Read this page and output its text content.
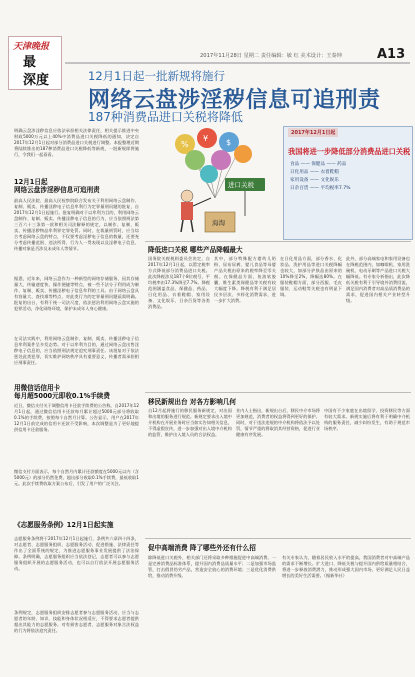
天津晚报
最
深度
2017年11月28日 星期二 责任编辑：敏 红 美术设计：王秦坤	A13
12月1日起一批新规将施行
网络云盘涉淫秽信息可追刑责
187种消费品进口关税将降低
明确云盘涉淫秽信息应依法承担相关法律责任，相关提示推进中央财政5000万元以上40%中消费品进口关税降低的通知，决定自2017年12月1日起对部分消费品进口关税进行调整。本报整理近期将陆续推出的187种消费品进口关税降低等新规，一批新规即将施行，令我们一起看看。
12月1日起
网络云盘涉淫秽信息可追刑责
最高人民法院、最高人民检察院联合发布关于利用网络云盘制作、复制、贩卖、传播淫秽电子信息牟利行为定罪量刑问题的批复，自2017年12月1日起施行。批复明确对于以牟利为目的，利用网络云盘制作、复制、贩卖、传播淫秽电子信息的行为，应当依照刑法第三百六十三条第一款和相关司法解释的规定，以制作、复制、贩卖、传播淫秽物品牟利罪定罪处罚。同时，在裁量刑罚时，应当综合考虑网络云盘的特点，不仅要考虑淫秽电子信息的数量，还要充分考虑传播范围、违法所得、行为人一贯表现以及淫秽电子信息、传播对象是否涉及未成年人等情节。
据悉，近年来，网络云盘作为一种新型的网络存储服务，因其存储量大、传输速度快、操作便捷等特点，被一些不法分子利用成为制作、复制、贩卖、传播淫秽电子信息牟利的工具。由于网络云盘具有容量大、查找难等特点，对此类行为的定罪量刑问题亟需明确。批复的出台，有利于统一司法尺度，依法惩治利用网络云盘实施的犯罪活动，净化网络环境，保护未成年人身心健康。
在司法实践中，利用网络云盘制作、复制、贩卖、传播淫秽电子信息牟利案件呈多发态势。对于以牟利为目的，通过网络云盘出售淫秽电子信息的，应当依照刑法规定追究刑事责任。该批复对于依法惩处此类犯罪，切实维护网络秩序具有重要意义，传播者需承担相应刑事责任。
用微信话信用卡
每月超5000元即收0.1%手续费
近日，微信支付关于调整信用卡还款手续费的公告称，自2017年12月1日起，通过微信信用卡还款每月累计超过5000元部分将收取0.1%的手续费，按照每个自然月计算。公告显示，用户在2017年12月1日前完成的信用卡还款不受影响，本次调整是为了更好地提供信用卡还款服务。
微信支付方面表示，每个自然月内累计还款额度在5000元以内（含5000元）的部分仍然免费，超出部分收取0.1%手续费，最低收取1元。此次手续费收取方案公布后，引发了用户的广泛关注。
《志愿服务条例》12月1日起实施
志愿服务条例将于2017年12月1日起施行，条例共六章四十四条，对志愿者、志愿服务组织、志愿服务活动、促进措施、法律责任等作出了全面系统的规定，为推进志愿服务事业发展提供了法治保障。条例明确，志愿服务组织应当依法登记，志愿者可以参与志愿服务组织开展的志愿服务活动，也可以自行依法开展志愿服务活动。
条例规定，志愿服务组织安排志愿者参与志愿服务活动，应当与志愿者的年龄、知识、技能和身体状况相适应，不得要求志愿者提供超出其能力的志愿服务。对有损害志愿者、志愿服务对象合法权益的行为将依法追究责任。
%
¥ $
进口关税
海淘
2017年12月1日起
我国将进一步降低部分消费品进口关税
食品 —— 保健品 —— 药品
日化用品 —— 衣着鞋帽
家用设备 —— 文化娱乐
日杂百货 —— 平均税率7.7%
降低进口关税 哪些产品降幅最大
国务院关税税则委员会决定，自2017年12月1日起，以暂定税率方式降低部分消费品进口关税。此次降税涉及187个8位税号，平均税率由17.3%降至7.7%。降税范围涵盖食品、保健品、药品、日化用品、衣着鞋帽、家用设备、文化娱乐、日杂百货等各类消费品。
其中，部分特殊配方婴幼儿奶粉、尿布尿裤、婴儿食品等母婴产品关税由原来的税率降至零关税。在保健品方面，鱼油软胶囊、维生素类保健品等关税有较大幅度下降。降税有利于满足居民多层次、多样化消费需求，进一步扩大消费。
在日化用品方面，部分香水、化妆品、洗护用品等进口关税降幅也较大，如部分护肤品由原来的10%降至2%，降幅达80%。在服装鞋帽方面，部分西服、毛皮服装、运动鞋等关税也有明显下调。
此外，部分高端家电和家用设备也在降税范围内，如咖啡机、家用洗碗机、电动牙刷等产品进口关税大幅降低。有专家分析指出，此次降低关税有利于引导境外消费回流，满足国内消费者对高品质消费品的需求，促进国内相关产业转型升级。
移民新规出台 对各方影响几何
自12月起将施行的移民服务新规定，对出国和出境的服务进行规范。新规定要求出入境中介机构在开展业务时应当如实告知相关信息，不得虚假宣传，进一步加强对出入境中介机构的监管，维护出入境人员的合法权益。
业内人士指出，新规出台后，移民中介市场将更加规范，消费者的权益将得到更好的保护。同时，对于违法违规的中介机构将依法予以处罚，情节严重的将取消其经营资格，促进行业健康有序发展。
中国有不少家庭在出境留学、投资移民等方面有较大需求。新规实施后将有利于明确中介机构的服务责任，减少纠纷发生，有助于规范市场秩序。
促中高端消费 降了哪些外还有什么招
除降低进口关税外，相关部门还将采取多种措施促进中高端消费。一是完善消费品标准体系，提升国内消费品质量水平；二是加强市场监管，打击假冒伪劣产品，营造安全放心的消费环境；三是优化消费供给，推动消费升级。
有关专家认为，随着居民收入水平的提高，我国消费者对中高端产品的需求不断增长。扩大进口、降低关税与提升国内供给质量相结合，将进一步释放消费潜力，推动形成强大国内市场，更好满足人民日益增长的美好生活需要。（据新华社）
